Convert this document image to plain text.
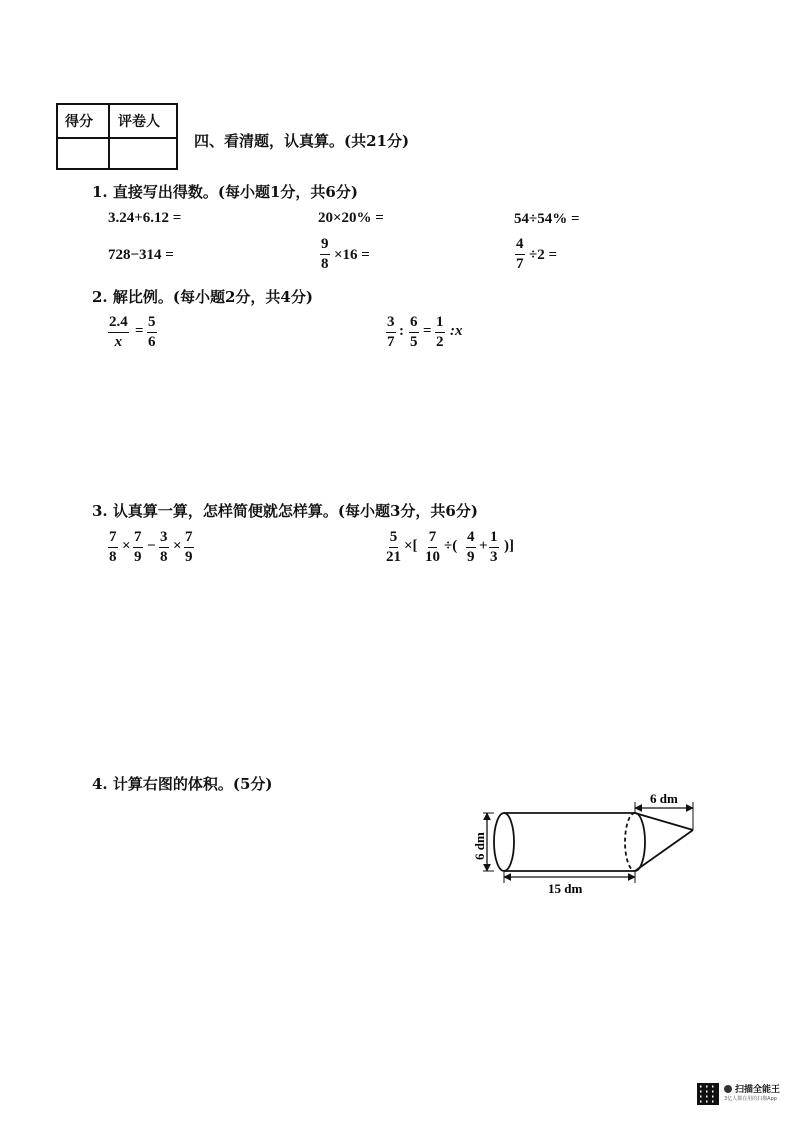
得分 评卷人
四、看清题，认真算。(共21分)
1. 直接写出得数。(每小题1分，共6分)
3.24+6.12 =	20×20% =	54÷54% =
728−314 =	$\frac{9}{8} \times 16$ =	$\frac{4}{7} \div 2$ =
2. 解比例。(每小题2分，共4分)
$\frac{2.4}{x} = \frac{5}{6}$	$\frac{3}{7}$ : $\frac{6}{5} = \frac{1}{2}$ :x
3. 认真算一算，怎样简便就怎样算。(每小题3分，共6分)
$\frac{7}{8} \times \frac{7}{9} - \frac{3}{8} \times \frac{7}{9}$	$\frac{5}{21}$ ×[ $\frac{7}{10}$ ÷( $\frac{4}{9} + \frac{1}{3}$ )]
4. 计算右图的体积。(5分)
6 dm
15 dm
6 dm
扫描全能王
3亿人都在用的扫描App
